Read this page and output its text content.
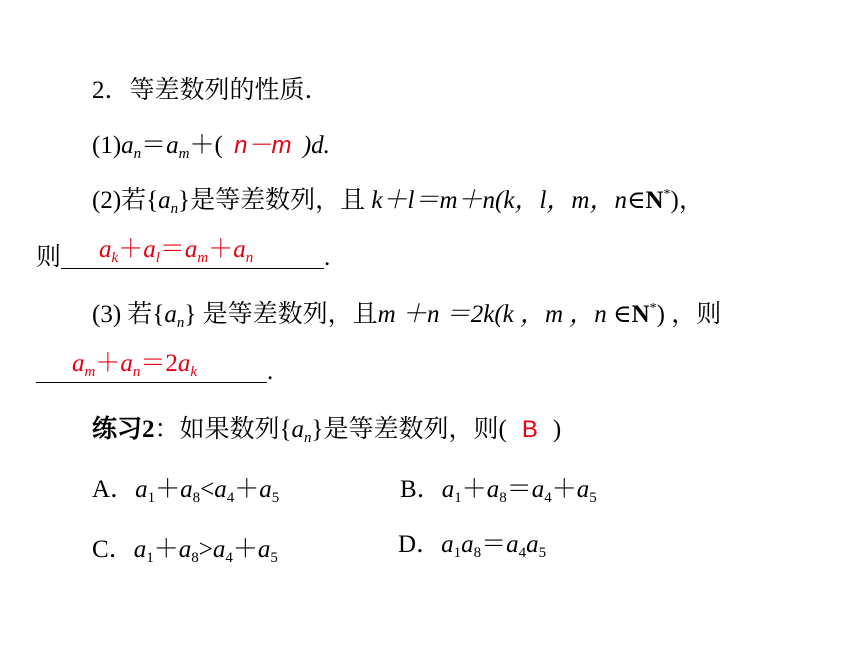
2．等差数列的性质．
$(1)a_n=a_m+$( n－m )d.
(2)若$\{a_n\}$是等差数列，且 k＋l＝m＋n(k，l，m，n∈N*)，
则 $a_k+a_l=a_m+a_n$	.
(3) 若$\{a_n\}$ 是等差数列，且m ＋n ＝2k(k ，m ，n ∈N*) ，则
$a_m+a_n=2a_k$	.
练习2：如果数列$\{a_n\}$是等差数列，则( B )
A．$a_1+a_8<a_4+a_5$	B．$a_1+a_8=a_4+a_5$
C．$a_1+a_8>a_4+a_5$	D．$a_1a_8=a_4a_5$
